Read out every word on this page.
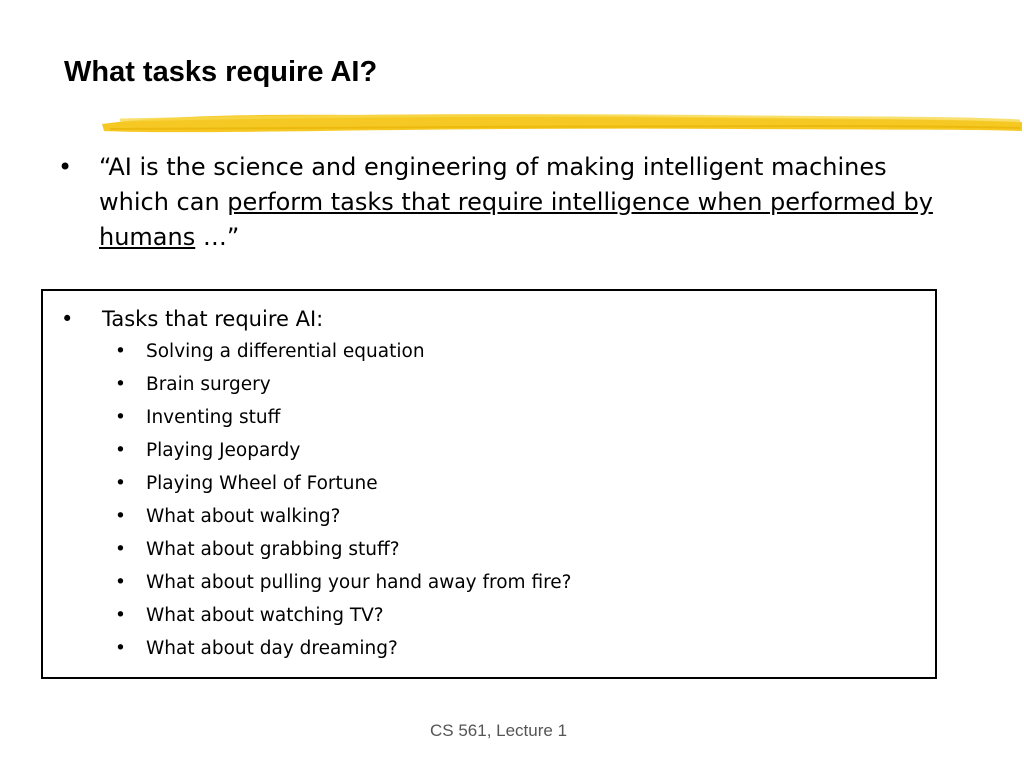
What tasks require AI?
• “AI is the science and engineering of making intelligent machines which can perform tasks that require intelligence when performed by humans …”
• Tasks that require AI:
• Solving a differential equation
• Brain surgery
• Inventing stuff
• Playing Jeopardy
• Playing Wheel of Fortune
• What about walking?
• What about grabbing stuff?
• What about pulling your hand away from fire?
• What about watching TV?
• What about day dreaming?
CS 561, Lecture 1
